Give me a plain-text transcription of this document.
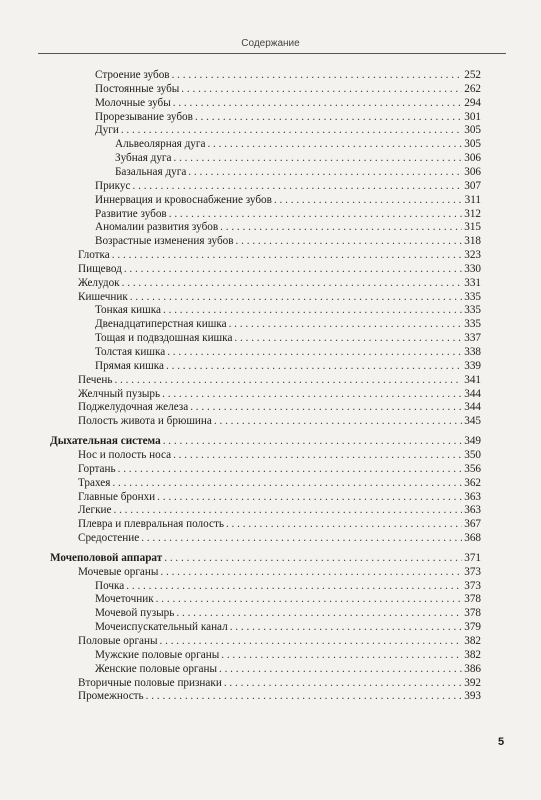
Содержание
Строение зубов . . .	252
Постоянные зубы . . .	262
Молочные зубы . . .	294
Прорезывание зубов . . .	301
Дуги . . .	305
Альвеолярная дуга . . .	305
Зубная дуга . . .	306
Базальная дуга . . .	306
Прикус . . .	307
Иннервация и кровоснабжение зубов . . .	311
Развитие зубов . . .	312
Аномалии развития зубов . . .	315
Возрастные изменения зубов . . .	318
Глотка . . .	323
Пищевод . . .	330
Желудок . . .	331
Кишечник . . .	335
Тонкая кишка . . .	335
Двенадцатиперстная кишка . . .	335
Тощая и подвздошная кишка . . .	337
Толстая кишка . . .	338
Прямая кишка . . .	339
Печень . . .	341
Желчный пузырь . . .	344
Поджелудочная железа . . .	344
Полость живота и брюшина . . .	345
Дыхательная система . . .	349
Нос и полость носа . . .	350
Гортань . . .	356
Трахея . . .	362
Главные бронхи . . .	363
Легкие . . .	363
Плевра и плевральная полость . . .	367
Средостение . . .	368
Мочеполовой аппарат . . .	371
Мочевые органы . . .	373
Почка . . .	373
Мочеточник . . .	378
Мочевой пузырь . . .	378
Мочеиспускательный канал . . .	379
Половые органы . . .	382
Мужские половые органы . . .	382
Женские половые органы . . .	386
Вторичные половые признаки . . .	392
Промежность . . .	393
5
